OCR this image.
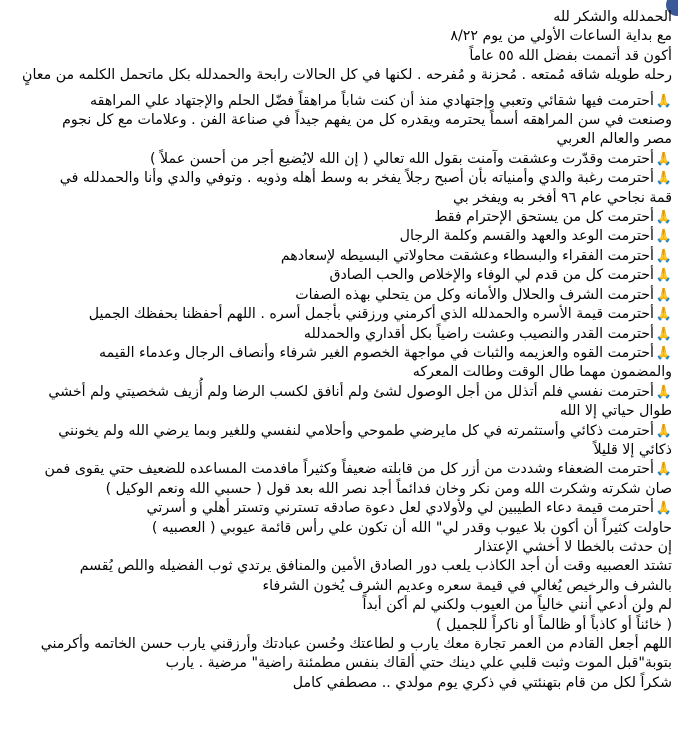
الحمدلله والشكر لله
مع بداية الساعات الأولي من يوم ٨/٢٢
أكون قد أتممت بفضل الله ٥٥ عاماً
رحله طويله شاقه مُمتعه . مُحزنة و مُفرحه . لكنها في كل الحالات رابحة والحمدلله بكل ماتحمل الكلمه من معانٍ
🙏أحترمت فيها شقائي وتعبي وإجتهادي منذ أن كنت شاباً مراهقاً فضّل الحلم والإجتهاد علي المراهقه
وصنعت في سن المراهقه أسماً يحترمه ويقدره كل من يفهم جيداً في صناعة الفن . وعلامات مع كل نجوم
مصر والعالم العربي
🙏أحترمت وقدّرت وعشقت وآمنت بقول الله تعالي ( إن الله لايُضيع أجر من أحسن عملاً )
🙏أحترمت رغبة والدي وأمنياته بأن أصبح رجلاً يفخر به وسط أهله وذويه . وتوفي والدي وأنا والحمدلله في
قمة نجاحي عام ٩٦ أفخر به ويفخر بي
🙏أحترمت كل من يستحق الإحترام فقط
🙏أحترمت الوعد والعهد والقسم وكلمة الرجال
🙏أحترمت الفقراء والبسطاء وعشقت محاولاتي البسيطه لإسعادهم
🙏أحترمت كل من قدم لي الوفاء والإخلاص والحب الصادق
🙏أحترمت الشرف والحلال والأمانه وكل من يتحلي بهذه الصفات
🙏أحترمت قيمة الأسره والحمدلله الذي أكرمني ورزقني بأجمل أسره . اللهم أحفظنا بحفظك الجميل
🙏أحترمت القدر والنصيب وعشت راضياً بكل أقداري والحمدلله
🙏أحترمت القوه والعزيمه والثبات في مواجهة الخصوم الغير شرفاء وأنصاف الرجال وعدماء القيمه
والمضمون مهما طال الوقت وطالت المعركه
🙏أحترمت نفسي فلم أتذلل من أجل الوصول لشئ ولم أنافق لكسب الرضا ولم أُزيف شخصيتي ولم أخشي
طوال حياتي إلا الله
🙏أحترمت ذكائي وأستثمرته في كل مايرضي طموحي وأحلامي لنفسي وللغير وبما يرضي الله ولم يخونني
ذكائي إلا قليلاً
🙏أحترمت الضعفاء وشددت من أزر كل من قابلته ضعيفاً وكثيراً مافدمت المساعده للضعيف حتي يقوى فمن
صان شكرته وشكرت الله ومن نكر وخان فدائماً أجد نصر الله بعد قول ( حسبي الله ونعم الوكيل )
🙏أحترمت قيمة دعاء الطيبين لي ولأولادي لعل دعوة صادقه تسترني وتستر أهلي و أسرتي
حاولت كثيراً أن أكون بلا عيوب وقدر لي" الله أن تكون علي رأس قائمة عيوبي ( العصبيه )
إن حدثت بالخطا لا أخشي الإعتذار
تشتد العصبيه وقت أن أجد الكاذب يلعب دور الصادق الأمين والمنافق يرتدي ثوب الفضيله واللص يُقسم
بالشرف والرخيص يُغالي في قيمة سعره وعديم الشرف يُخون الشرفاء
لم ولن أدعي أنني خالياً من العيوب ولكني لم أكن أبداً
( خائناً أو كاذباً أو ظالماً أو ناكراً للجميل )
اللهم أجعل القادم من العمر تجارة معك يارب و لطاعتك وحُسن عبادتك وأرزقني يارب حسن الخاتمه وأكرمني
بتوبة"قبل الموت وثبت قلبي علي دينك حتي ألقاك بنفس مطمئنة راضية" مرضية . يارب
شكراً لكل من قام بتهنئتي في ذكري يوم مولدي .. مصطفي كامل
